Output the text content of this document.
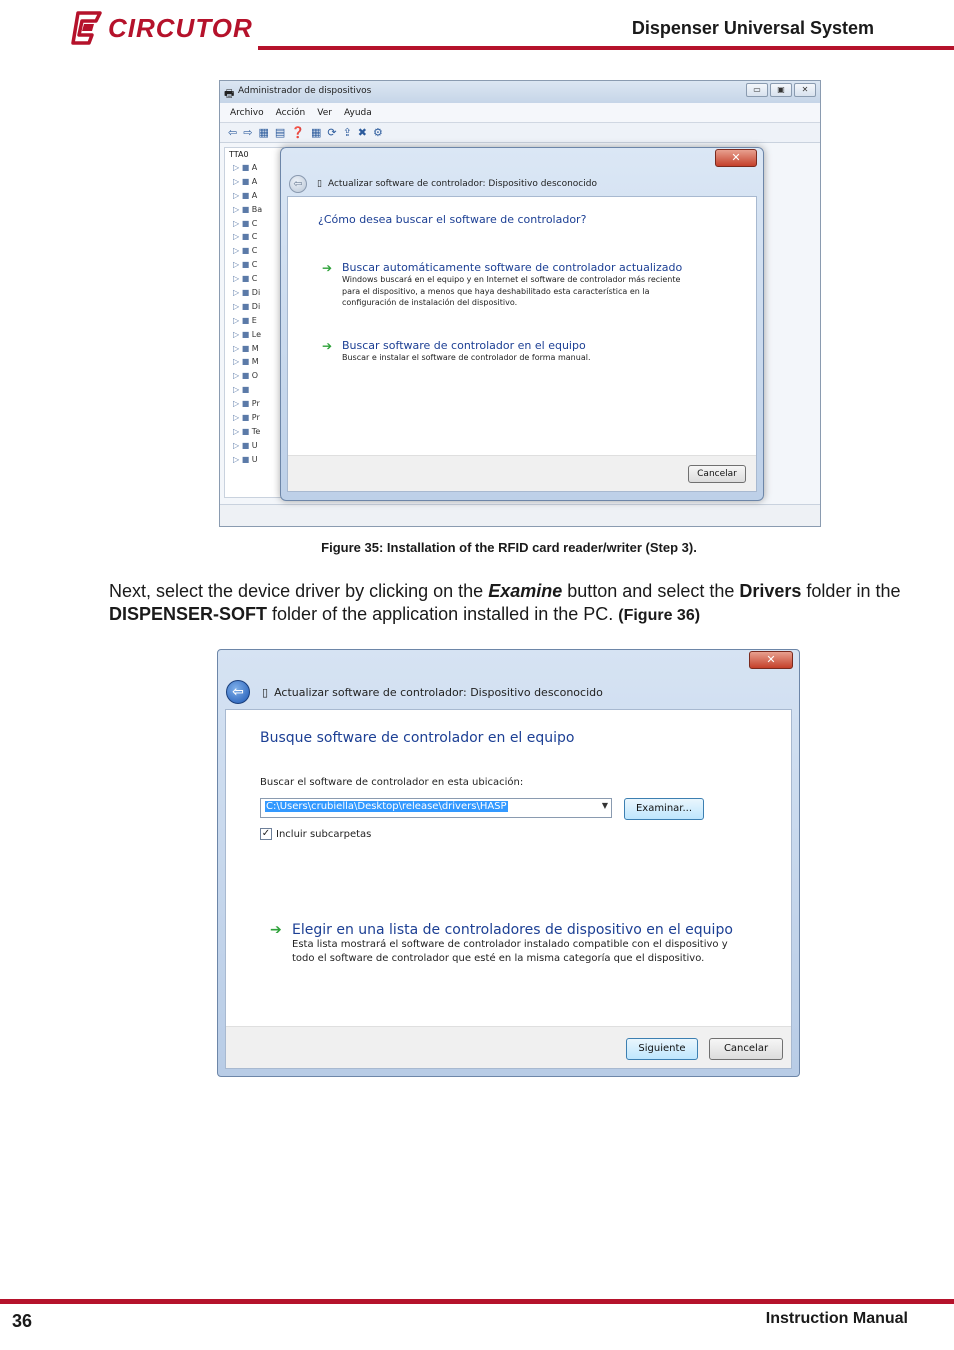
CIRCUTOR	Dispenser Universal System
🖶 Administrador de dispositivos	▭	▣	✕
Archivo Acción Ver Ayuda
⇦ ⇨ ▦ ▤ ❓ ▦ ⟳ ⇪ ✖ ⚙
TTA0
▷ ■ A
▷ ■ A
▷ ■ A
▷ ■ Ba
▷ ■ C
▷ ■ C
▷ ■ C
▷ ■ C
▷ ■ C
▷ ■ Di
▷ ■ Di
▷ ■ E
▷ ■ Le
▷ ■ M
▷ ■ M
▷ ■ O
▷ ■
▷ ■ Pr
▷ ■ Pr
▷ ■ Te
▷ ■ U
▷ ■ U
✕
⇦	▯ Actualizar software de controlador: Dispositivo desconocido
¿Cómo desea buscar el software de controlador?
➔ Buscar automáticamente software de controlador actualizado
Windows buscará en el equipo y en Internet el software de controlador más reciente para el dispositivo, a menos que haya deshabilitado esta característica en la configuración de instalación del dispositivo.
➔ Buscar software de controlador en el equipo
Buscar e instalar el software de controlador de forma manual.
Cancelar
Figure 35: Installation of the RFID card reader/writer (Step 3).

Next, select the device driver by clicking on the Examine button and select the Drivers folder in the DISPENSER-SOFT folder of the application installed in the PC. (Figure 36)

✕
⇦	▯ Actualizar software de controlador: Dispositivo desconocido
Busque software de controlador en el equipo
Buscar el software de controlador en esta ubicación:
C:\Users\crubiella\Desktop\release\drivers\HASP	▼	Examinar...
✓ Incluir subcarpetas
➔ Elegir en una lista de controladores de dispositivo en el equipo
Esta lista mostrará el software de controlador instalado compatible con el dispositivo y todo el software de controlador que esté en la misma categoría que el dispositivo.
Siguiente	Cancelar
36	Instruction Manual
